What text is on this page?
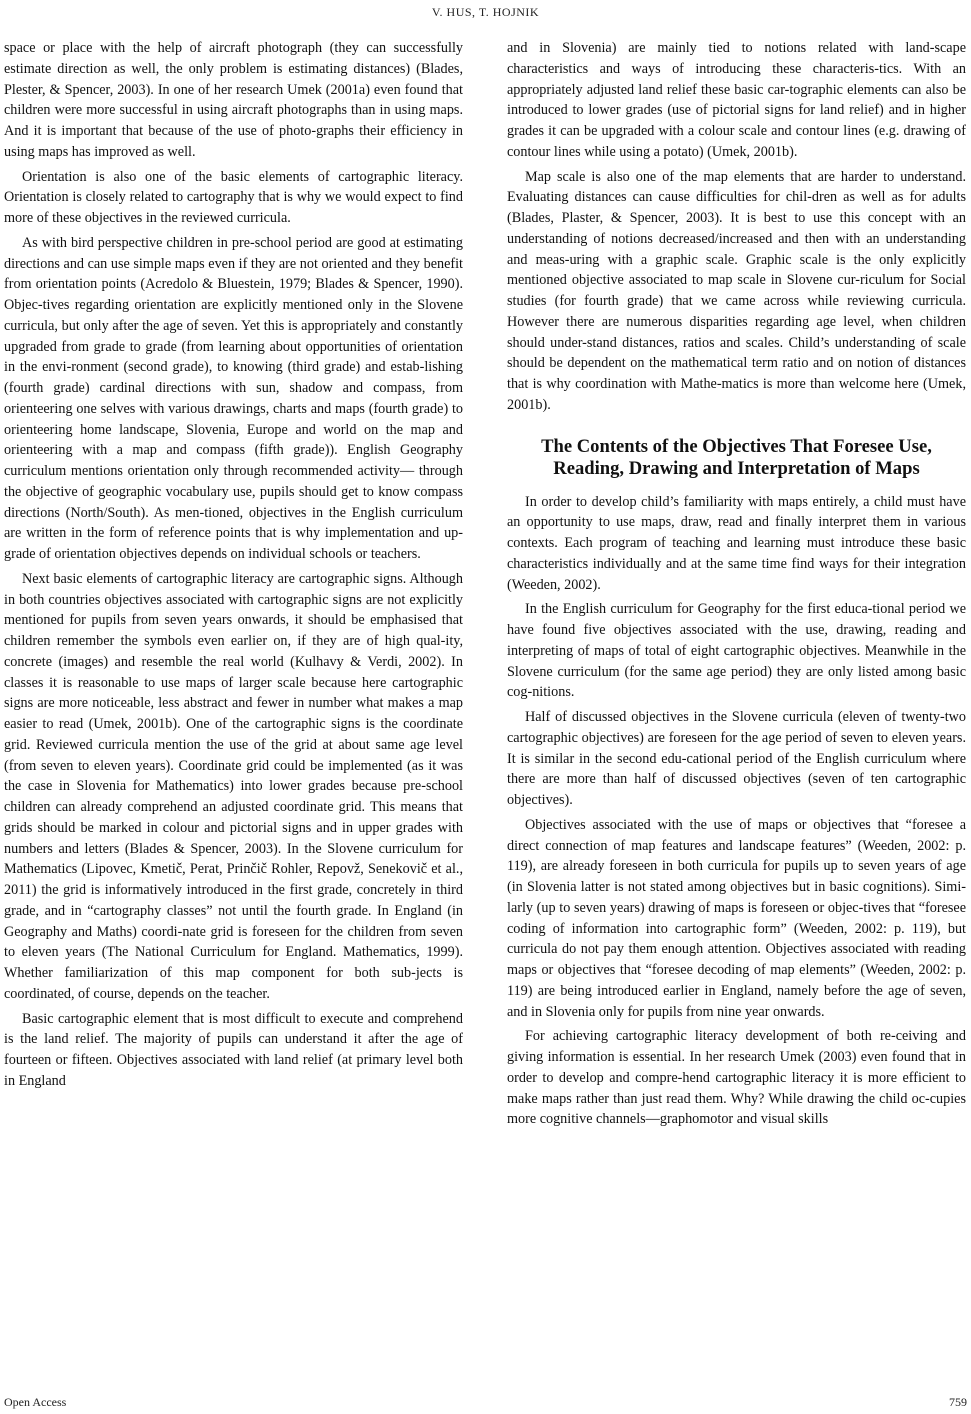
V. HUS, T. HOJNIK

space or place with the help of aircraft photograph (they can successfully estimate direction as well, the only problem is estimating distances) (Blades, Plester, & Spencer, 2003). In one of her research Umek (2001a) even found that children were more successful in using aircraft photographs than in using maps. And it is important that because of the use of photo-graphs their efficiency in using maps has improved as well.

Orientation is also one of the basic elements of cartographic literacy. Orientation is closely related to cartography that is why we would expect to find more of these objectives in the reviewed curricula.

As with bird perspective children in pre-school period are good at estimating directions and can use simple maps even if they are not oriented and they benefit from orientation points (Acredolo & Bluestein, 1979; Blades & Spencer, 1990). Objec-tives regarding orientation are explicitly mentioned only in the Slovene curricula, but only after the age of seven. Yet this is appropriately and constantly upgraded from grade to grade (from learning about opportunities of orientation in the envi-ronment (second grade), to knowing (third grade) and estab-lishing (fourth grade) cardinal directions with sun, shadow and compass, from orienteering one selves with various drawings, charts and maps (fourth grade) to orienteering home landscape, Slovenia, Europe and world on the map and orienteering with a map and compass (fifth grade)). English Geography curriculum mentions orientation only through recommended activity— through the objective of geographic vocabulary use, pupils should get to know compass directions (North/South). As men-tioned, objectives in the English curriculum are written in the form of reference points that is why implementation and up-grade of orientation objectives depends on individual schools or teachers.

Next basic elements of cartographic literacy are cartographic signs. Although in both countries objectives associated with cartographic signs are not explicitly mentioned for pupils from seven years onwards, it should be emphasised that children remember the symbols even earlier on, if they are of high qual-ity, concrete (images) and resemble the real world (Kulhavy & Verdi, 2002). In classes it is reasonable to use maps of larger scale because here cartographic signs are more noticeable, less abstract and fewer in number what makes a map easier to read (Umek, 2001b). One of the cartographic signs is the coordinate grid. Reviewed curricula mention the use of the grid at about same age level (from seven to eleven years). Coordinate grid could be implemented (as it was the case in Slovenia for Mathematics) into lower grades because pre-school children can already comprehend an adjusted coordinate grid. This means that grids should be marked in colour and pictorial signs and in upper grades with numbers and letters (Blades & Spencer, 2003). In the Slovene curriculum for Mathematics (Lipovec, Kmetič, Perat, Prinčič Rohler, Repovž, Senekovič et al., 2011) the grid is informatively introduced in the first grade, concretely in third grade, and in “cartography classes” not until the fourth grade. In England (in Geography and Maths) coordi-nate grid is foreseen for the children from seven to eleven years (The National Curriculum for England. Mathematics, 1999). Whether familiarization of this map component for both sub-jects is coordinated, of course, depends on the teacher.

Basic cartographic element that is most difficult to execute and comprehend is the land relief. The majority of pupils can understand it after the age of fourteen or fifteen. Objectives associated with land relief (at primary level both in England

and in Slovenia) are mainly tied to notions related with land-scape characteristics and ways of introducing these characteris-tics. With an appropriately adjusted land relief these basic car-tographic elements can also be introduced to lower grades (use of pictorial signs for land relief) and in higher grades it can be upgraded with a colour scale and contour lines (e.g. drawing of contour lines while using a potato) (Umek, 2001b).

Map scale is also one of the map elements that are harder to understand. Evaluating distances can cause difficulties for chil-dren as well as for adults (Blades, Plaster, & Spencer, 2003). It is best to use this concept with an understanding of notions decreased/increased and then with an understanding and meas-uring with a graphic scale. Graphic scale is the only explicitly mentioned objective associated to map scale in Slovene cur-riculum for Social studies (for fourth grade) that we came across while reviewing curricula. However there are numerous disparities regarding age level, when children should under-stand distances, ratios and scales. Child’s understanding of scale should be dependent on the mathematical term ratio and on notion of distances that is why coordination with Mathe-matics is more than welcome here (Umek, 2001b).

The Contents of the Objectives That Foresee Use, Reading, Drawing and Interpretation of Maps

In order to develop child’s familiarity with maps entirely, a child must have an opportunity to use maps, draw, read and finally interpret them in various contexts. Each program of teaching and learning must introduce these basic characteristics individually and at the same time find ways for their integration (Weeden, 2002).

In the English curriculum for Geography for the first educa-tional period we have found five objectives associated with the use, drawing, reading and interpreting of maps of total of eight cartographic objectives. Meanwhile in the Slovene curriculum (for the same age period) they are only listed among basic cog-nitions.

Half of discussed objectives in the Slovene curricula (eleven of twenty-two cartographic objectives) are foreseen for the age period of seven to eleven years. It is similar in the second edu-cational period of the English curriculum where there are more than half of discussed objectives (seven of ten cartographic objectives).

Objectives associated with the use of maps or objectives that “foresee a direct connection of map features and landscape features” (Weeden, 2002: p. 119), are already foreseen in both curricula for pupils up to seven years of age (in Slovenia latter is not stated among objectives but in basic cognitions). Simi-larly (up to seven years) drawing of maps is foreseen or objec-tives that “foresee coding of information into cartographic form” (Weeden, 2002: p. 119), but curricula do not pay them enough attention. Objectives associated with reading maps or objectives that “foresee decoding of map elements” (Weeden, 2002: p. 119) are being introduced earlier in England, namely before the age of seven, and in Slovenia only for pupils from nine year onwards.

For achieving cartographic literacy development of both re-ceiving and giving information is essential. In her research Umek (2003) even found that in order to develop and compre-hend cartographic literacy it is more efficient to make maps rather than just read them. Why? While drawing the child oc-cupies more cognitive channels—graphomotor and visual skills

Open Access	759
